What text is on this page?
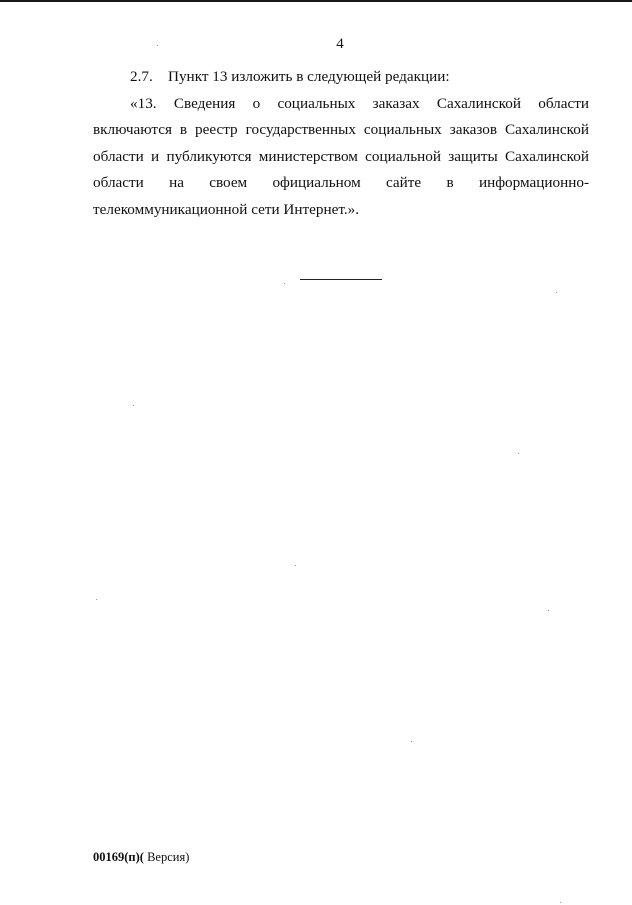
4

2.7. Пункт 13 изложить в следующей редакции:

«13. Сведения о социальных заказах Сахалинской области включаются в реестр государственных социальных заказов Сахалинской области и публикуются министерством социальной защиты Сахалинской области на своем официальном сайте в информационно-телекоммуникационной сети Интернет.».

00169(п)( Версия)
